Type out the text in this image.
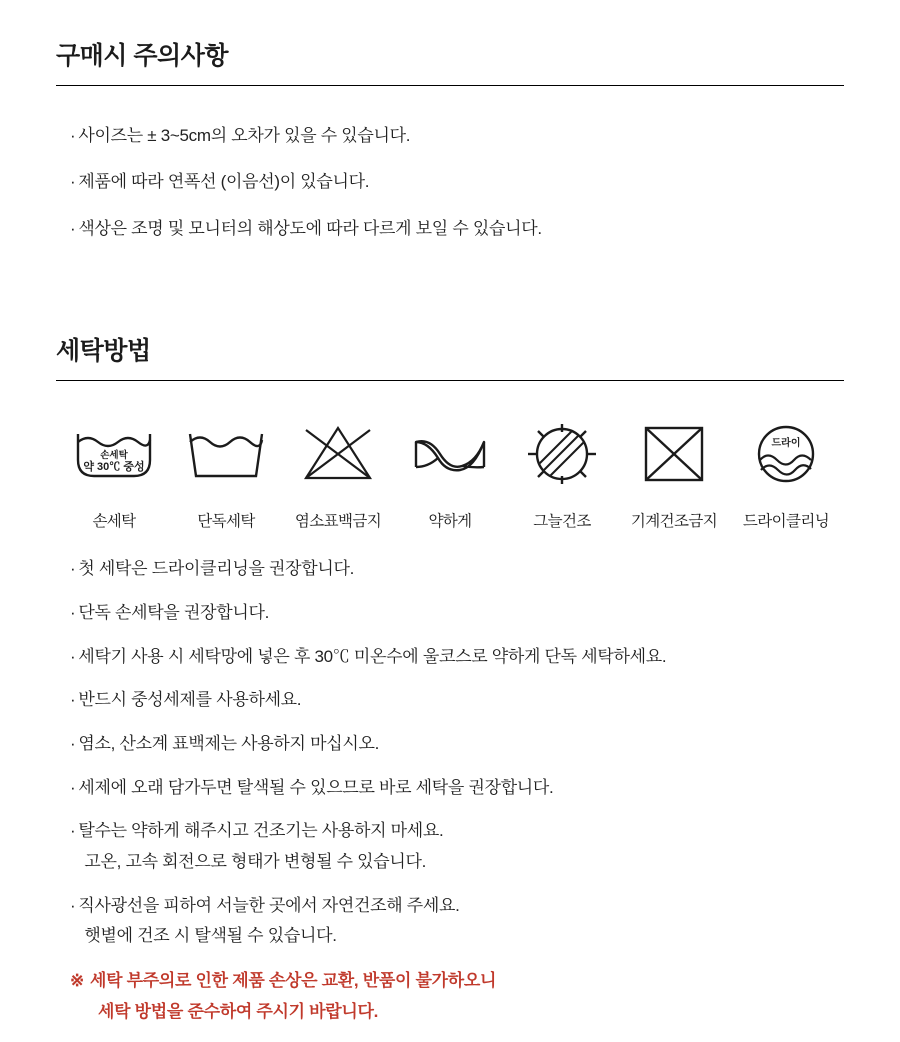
구매시 주의사항
· 사이즈는 ± 3~5cm의 오차가 있을 수 있습니다.
· 제품에 따라 연폭선 (이음선)이 있습니다.
· 색상은 조명 및 모니터의 해상도에 따라 다르게 보일 수 있습니다.
세탁방법
손세탁
약 30℃ 중성
손세탁	단독세탁	염소표백금지	약하게	그늘건조	기계건조금지
드라이
드라이클리닝
· 첫 세탁은 드라이클리닝을 권장합니다.
· 단독 손세탁을 권장합니다.
· 세탁기 사용 시 세탁망에 넣은 후 30℃ 미온수에 울코스로 약하게 단독 세탁하세요.
· 반드시 중성세제를 사용하세요.
· 염소, 산소계 표백제는 사용하지 마십시오.
· 세제에 오래 담가두면 탈색될 수 있으므로 바로 세탁을 권장합니다.
· 탈수는 약하게 해주시고 건조기는 사용하지 마세요.
고온, 고속 회전으로 형태가 변형될 수 있습니다.
· 직사광선을 피하여 서늘한 곳에서 자연건조해 주세요.
햇볕에 건조 시 탈색될 수 있습니다.
※ 세탁 부주의로 인한 제품 손상은 교환, 반품이 불가하오니
세탁 방법을 준수하여 주시기 바랍니다.
